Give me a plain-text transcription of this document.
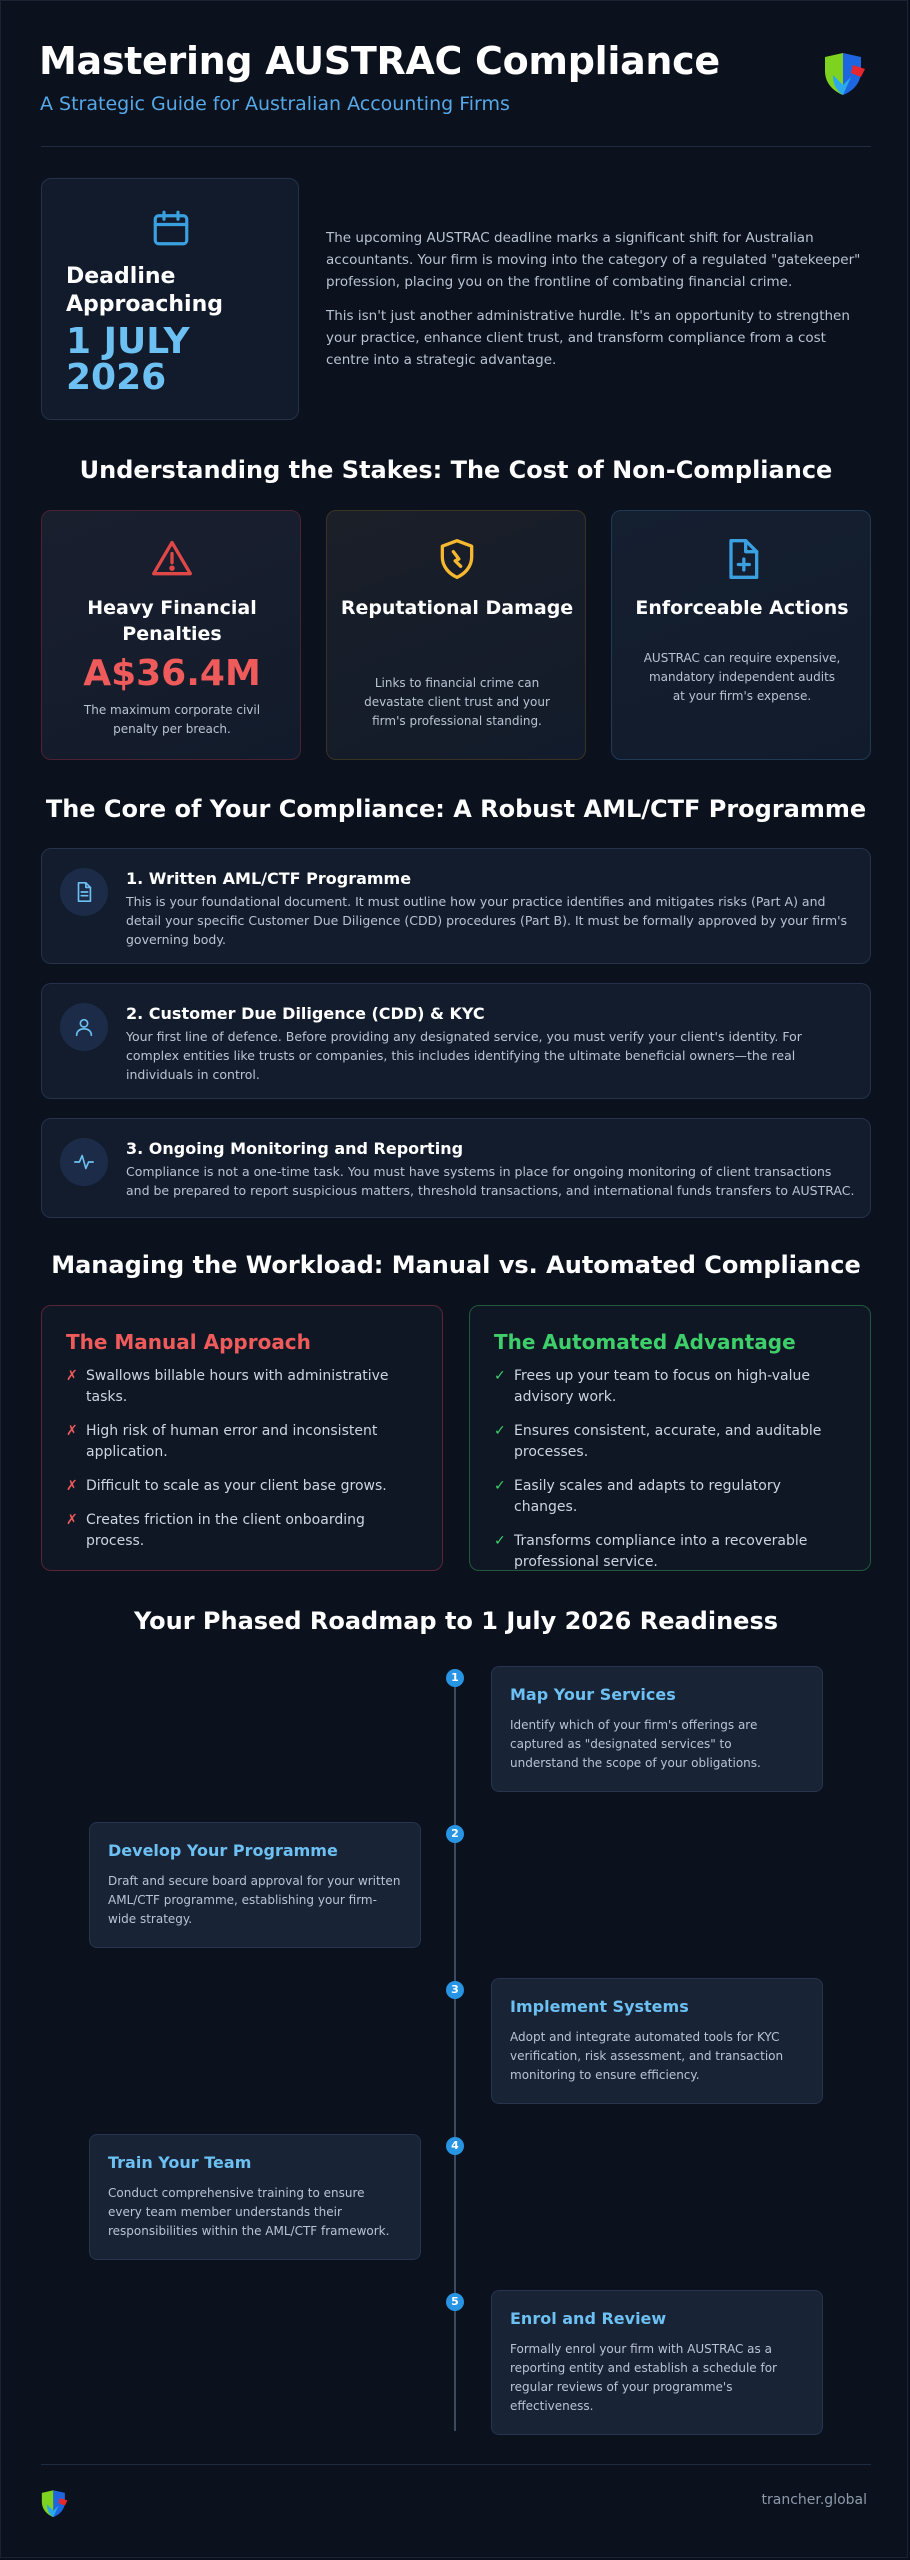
Mastering AUSTRAC Compliance
A Strategic Guide for Australian Accounting Firms
Deadline Approaching
1 JULY 2026

The upcoming AUSTRAC deadline marks a significant shift for Australian accountants. Your firm is moving into the category of a regulated "gatekeeper" profession, placing you on the frontline of combating financial crime.

This isn't just another administrative hurdle. It's an opportunity to strengthen your practice, enhance client trust, and transform compliance from a cost centre into a strategic advantage.

Understanding the Stakes: The Cost of Non-Compliance
Heavy Financial Penalties
A$36.4M
The maximum corporate civil penalty per breach.
Reputational Damage
Links to financial crime can devastate client trust and your firm's professional standing.
Enforceable Actions
AUSTRAC can require expensive, mandatory independent audits at your firm's expense.
The Core of Your Compliance: A Robust AML/CTF Programme
1. Written AML/CTF Programme
This is your foundational document. It must outline how your practice identifies and mitigates risks (Part A) and detail your specific Customer Due Diligence (CDD) procedures (Part B). It must be formally approved by your firm's governing body.
2. Customer Due Diligence (CDD) & KYC
Your first line of defence. Before providing any designated service, you must verify your client's identity. For complex entities like trusts or companies, this includes identifying the ultimate beneficial owners—the real individuals in control.
3. Ongoing Monitoring and Reporting
Compliance is not a one-time task. You must have systems in place for ongoing monitoring of client transactions and be prepared to report suspicious matters, threshold transactions, and international funds transfers to AUSTRAC.
Managing the Workload: Manual vs. Automated Compliance
The Manual Approach
✗ Swallows billable hours with administrative tasks.
✗ High risk of human error and inconsistent application.
✗ Difficult to scale as your client base grows.
✗ Creates friction in the client onboarding process.
The Automated Advantage
✓ Frees up your team to focus on high-value advisory work.
✓ Ensures consistent, accurate, and auditable processes.
✓ Easily scales and adapts to regulatory changes.
✓ Transforms compliance into a recoverable professional service.
Your Phased Roadmap to 1 July 2026 Readiness
1
Map Your Services
Identify which of your firm's offerings are captured as "designated services" to understand the scope of your obligations.
2
Develop Your Programme
Draft and secure board approval for your written AML/CTF programme, establishing your firm-wide strategy.
3
Implement Systems
Adopt and integrate automated tools for KYC verification, risk assessment, and transaction monitoring to ensure efficiency.
4
Train Your Team
Conduct comprehensive training to ensure every team member understands their responsibilities within the AML/CTF framework.
5
Enrol and Review
Formally enrol your firm with AUSTRAC as a reporting entity and establish a schedule for regular reviews of your programme's effectiveness.
trancher.global
